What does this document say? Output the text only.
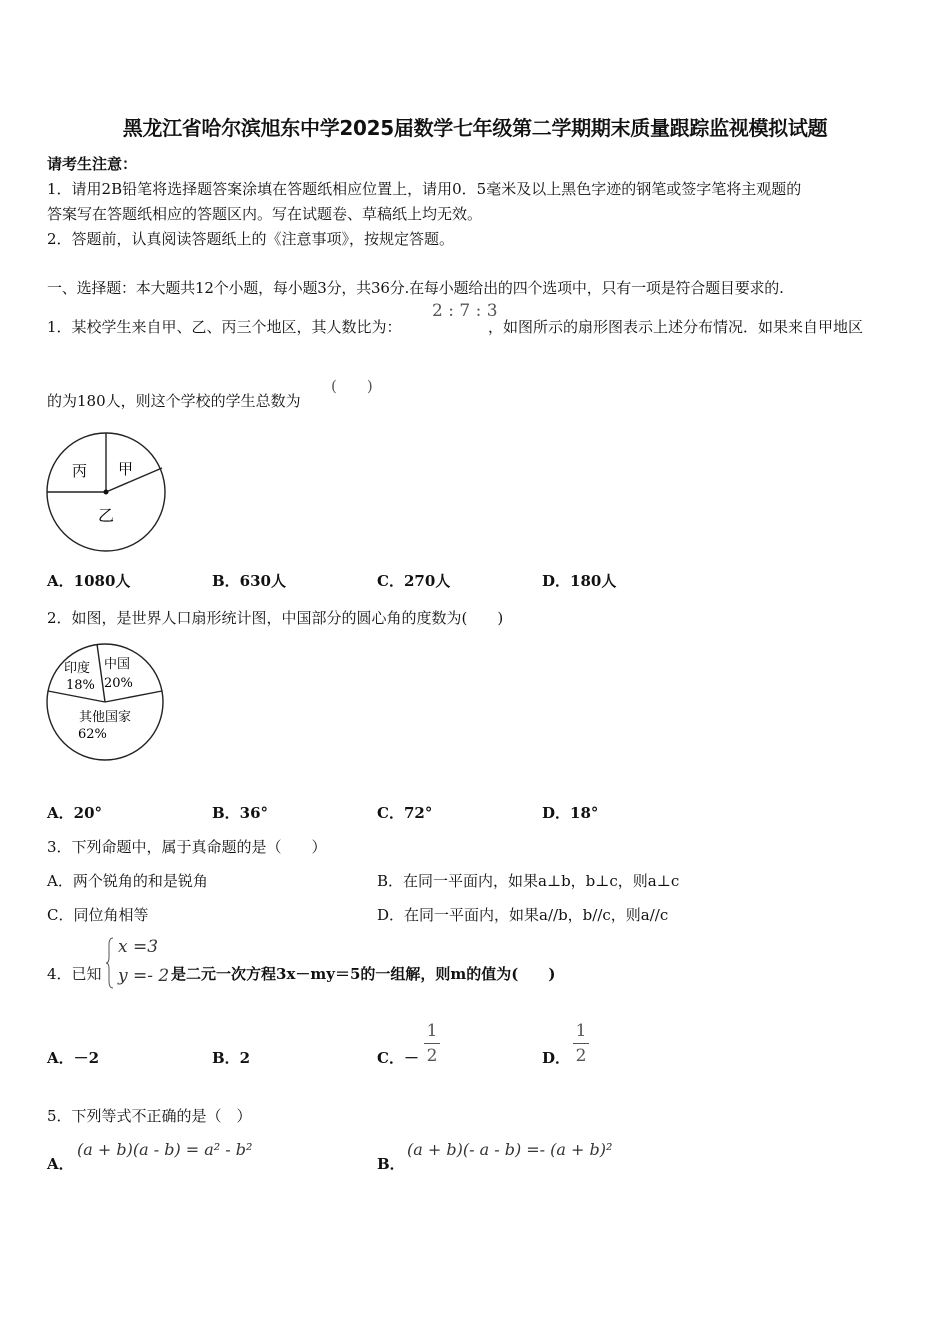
黑龙江省哈尔滨旭东中学2025届数学七年级第二学期期末质量跟踪监视模拟试题
请考生注意：
1．请用2B铅笔将选择题答案涂填在答题纸相应位置上，请用0．5毫米及以上黑色字迹的钢笔或签字笔将主观题的
答案写在答题纸相应的答题区内。写在试题卷、草稿纸上均无效。
2．答题前，认真阅读答题纸上的《注意事项》，按规定答题。
一、选择题：本大题共12个小题，每小题3分，共36分.在每小题给出的四个选项中，只有一项是符合题目要求的.
1．某校学生来自甲、乙、丙三个地区，其人数比为：
2 : 7 : 3
，如图所示的扇形图表示上述分布情况．如果来自甲地区
的为180人，则这个学校的学生总数为
(　　)
丙 甲
乙
A．1080人	B．630人	C．270人	D．180人
2．如图，是世界人口扇形统计图，中国部分的圆心角的度数为(　　)
印度
18%
中国
20%
其他国家
62%
A．20°	B．36°	C．72°	D．18°
3．下列命题中，属于真命题的是（　　）
A．两个锐角的和是锐角	B．在同一平面内，如果a⊥b，b⊥c，则a⊥c
C．同位角相等	D．在同一平面内，如果a//b，b//c，则a//c
4．已知
x =3
y =- 2 是二元一次方程3x－my＝5的一组解，则m的值为(　　)
A．－2	B．2	C．－
1
2	D．
1
2
5．下列等式不正确的是（　）
A．
(a + b)(a - b) = a² - b²
B．
(a + b)(- a - b) =- (a + b)²
